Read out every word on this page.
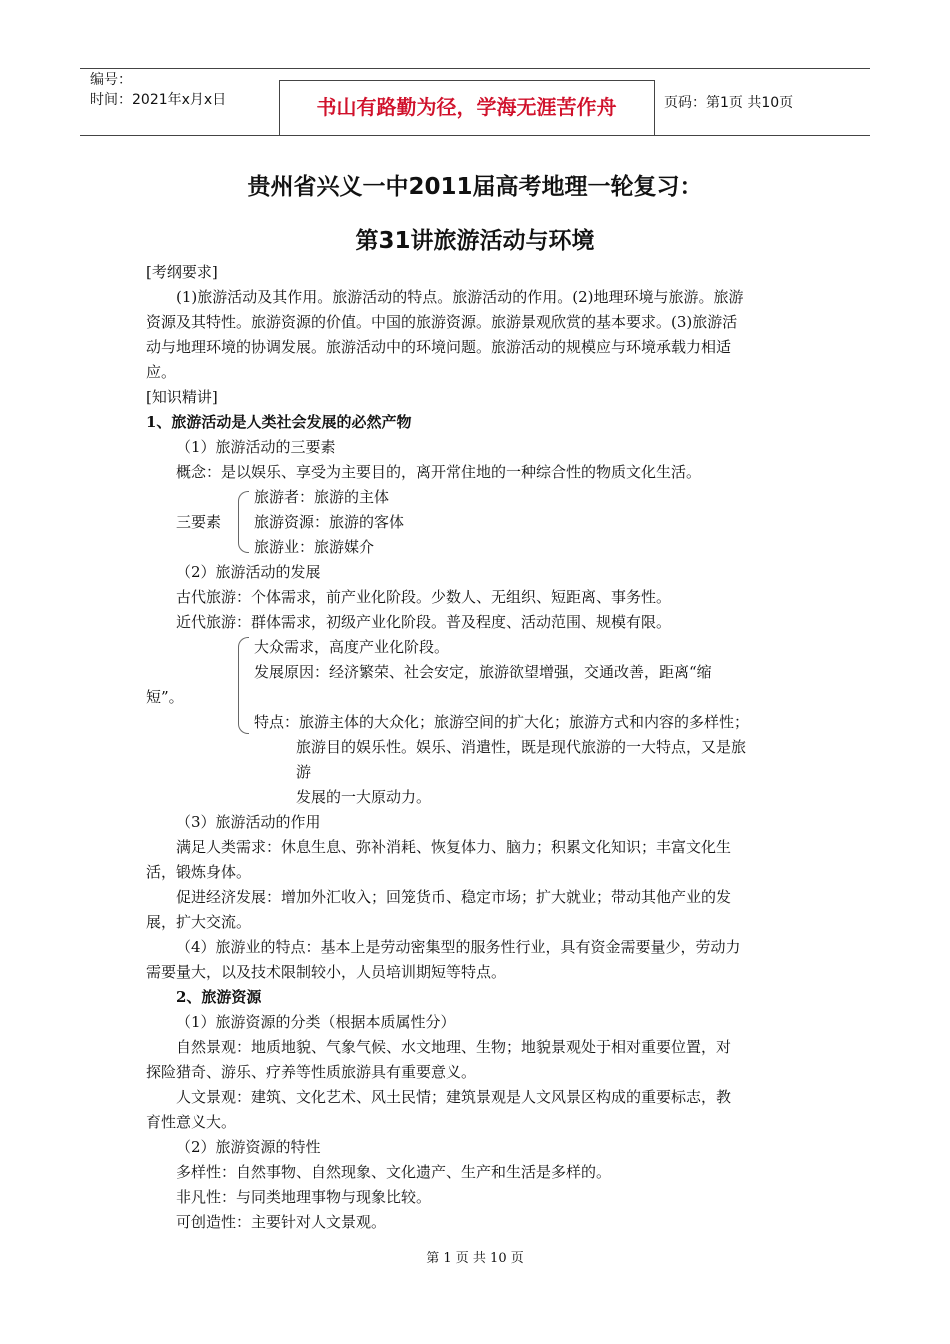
编号：
时间：2021年x月x日	书山有路勤为径，学海无涯苦作舟	页码：第1页 共10页
贵州省兴义一中2011届高考地理一轮复习：
第31讲旅游活动与环境
[考纲要求]
(1)旅游活动及其作用。旅游活动的特点。旅游活动的作用。(2)地理环境与旅游。旅游
资源及其特性。旅游资源的价值。中国的旅游资源。旅游景观欣赏的基本要求。(3)旅游活
动与地理环境的协调发展。旅游活动中的环境问题。旅游活动的规模应与环境承载力相适
应。
[知识精讲]
1、旅游活动是人类社会发展的必然产物
（1）旅游活动的三要素
概念：是以娱乐、享受为主要目的，离开常住地的一种综合性的物质文化生活。
旅游者：旅游的主体
三要素 旅游资源：旅游的客体
旅游业：旅游媒介
（2）旅游活动的发展
古代旅游：个体需求，前产业化阶段。少数人、无组织、短距离、事务性。
近代旅游：群体需求，初级产业化阶段。普及程度、活动范围、规模有限。
大众需求，高度产业化阶段。
发展原因：经济繁荣、社会安定，旅游欲望增强，交通改善，距离“缩
短”。
特点：旅游主体的大众化；旅游空间的扩大化；旅游方式和内容的多样性；
旅游目的娱乐性。娱乐、消遣性，既是现代旅游的一大特点，又是旅
游
发展的一大原动力。
（3）旅游活动的作用
满足人类需求：休息生息、弥补消耗、恢复体力、脑力；积累文化知识；丰富文化生
活，锻炼身体。
促进经济发展：增加外汇收入；回笼货币、稳定市场；扩大就业；带动其他产业的发
展，扩大交流。
（4）旅游业的特点：基本上是劳动密集型的服务性行业，具有资金需要量少，劳动力
需要量大，以及技术限制较小，人员培训期短等特点。
2、旅游资源
（1）旅游资源的分类（根据本质属性分）
自然景观：地质地貌、气象气候、水文地理、生物；地貌景观处于相对重要位置，对
探险猎奇、游乐、疗养等性质旅游具有重要意义。
人文景观：建筑、文化艺术、风土民情；建筑景观是人文风景区构成的重要标志，教
育性意义大。
（2）旅游资源的特性
多样性：自然事物、自然现象、文化遗产、生产和生活是多样的。
非凡性：与同类地理事物与现象比较。
可创造性：主要针对人文景观。
第 1 页 共 10 页
